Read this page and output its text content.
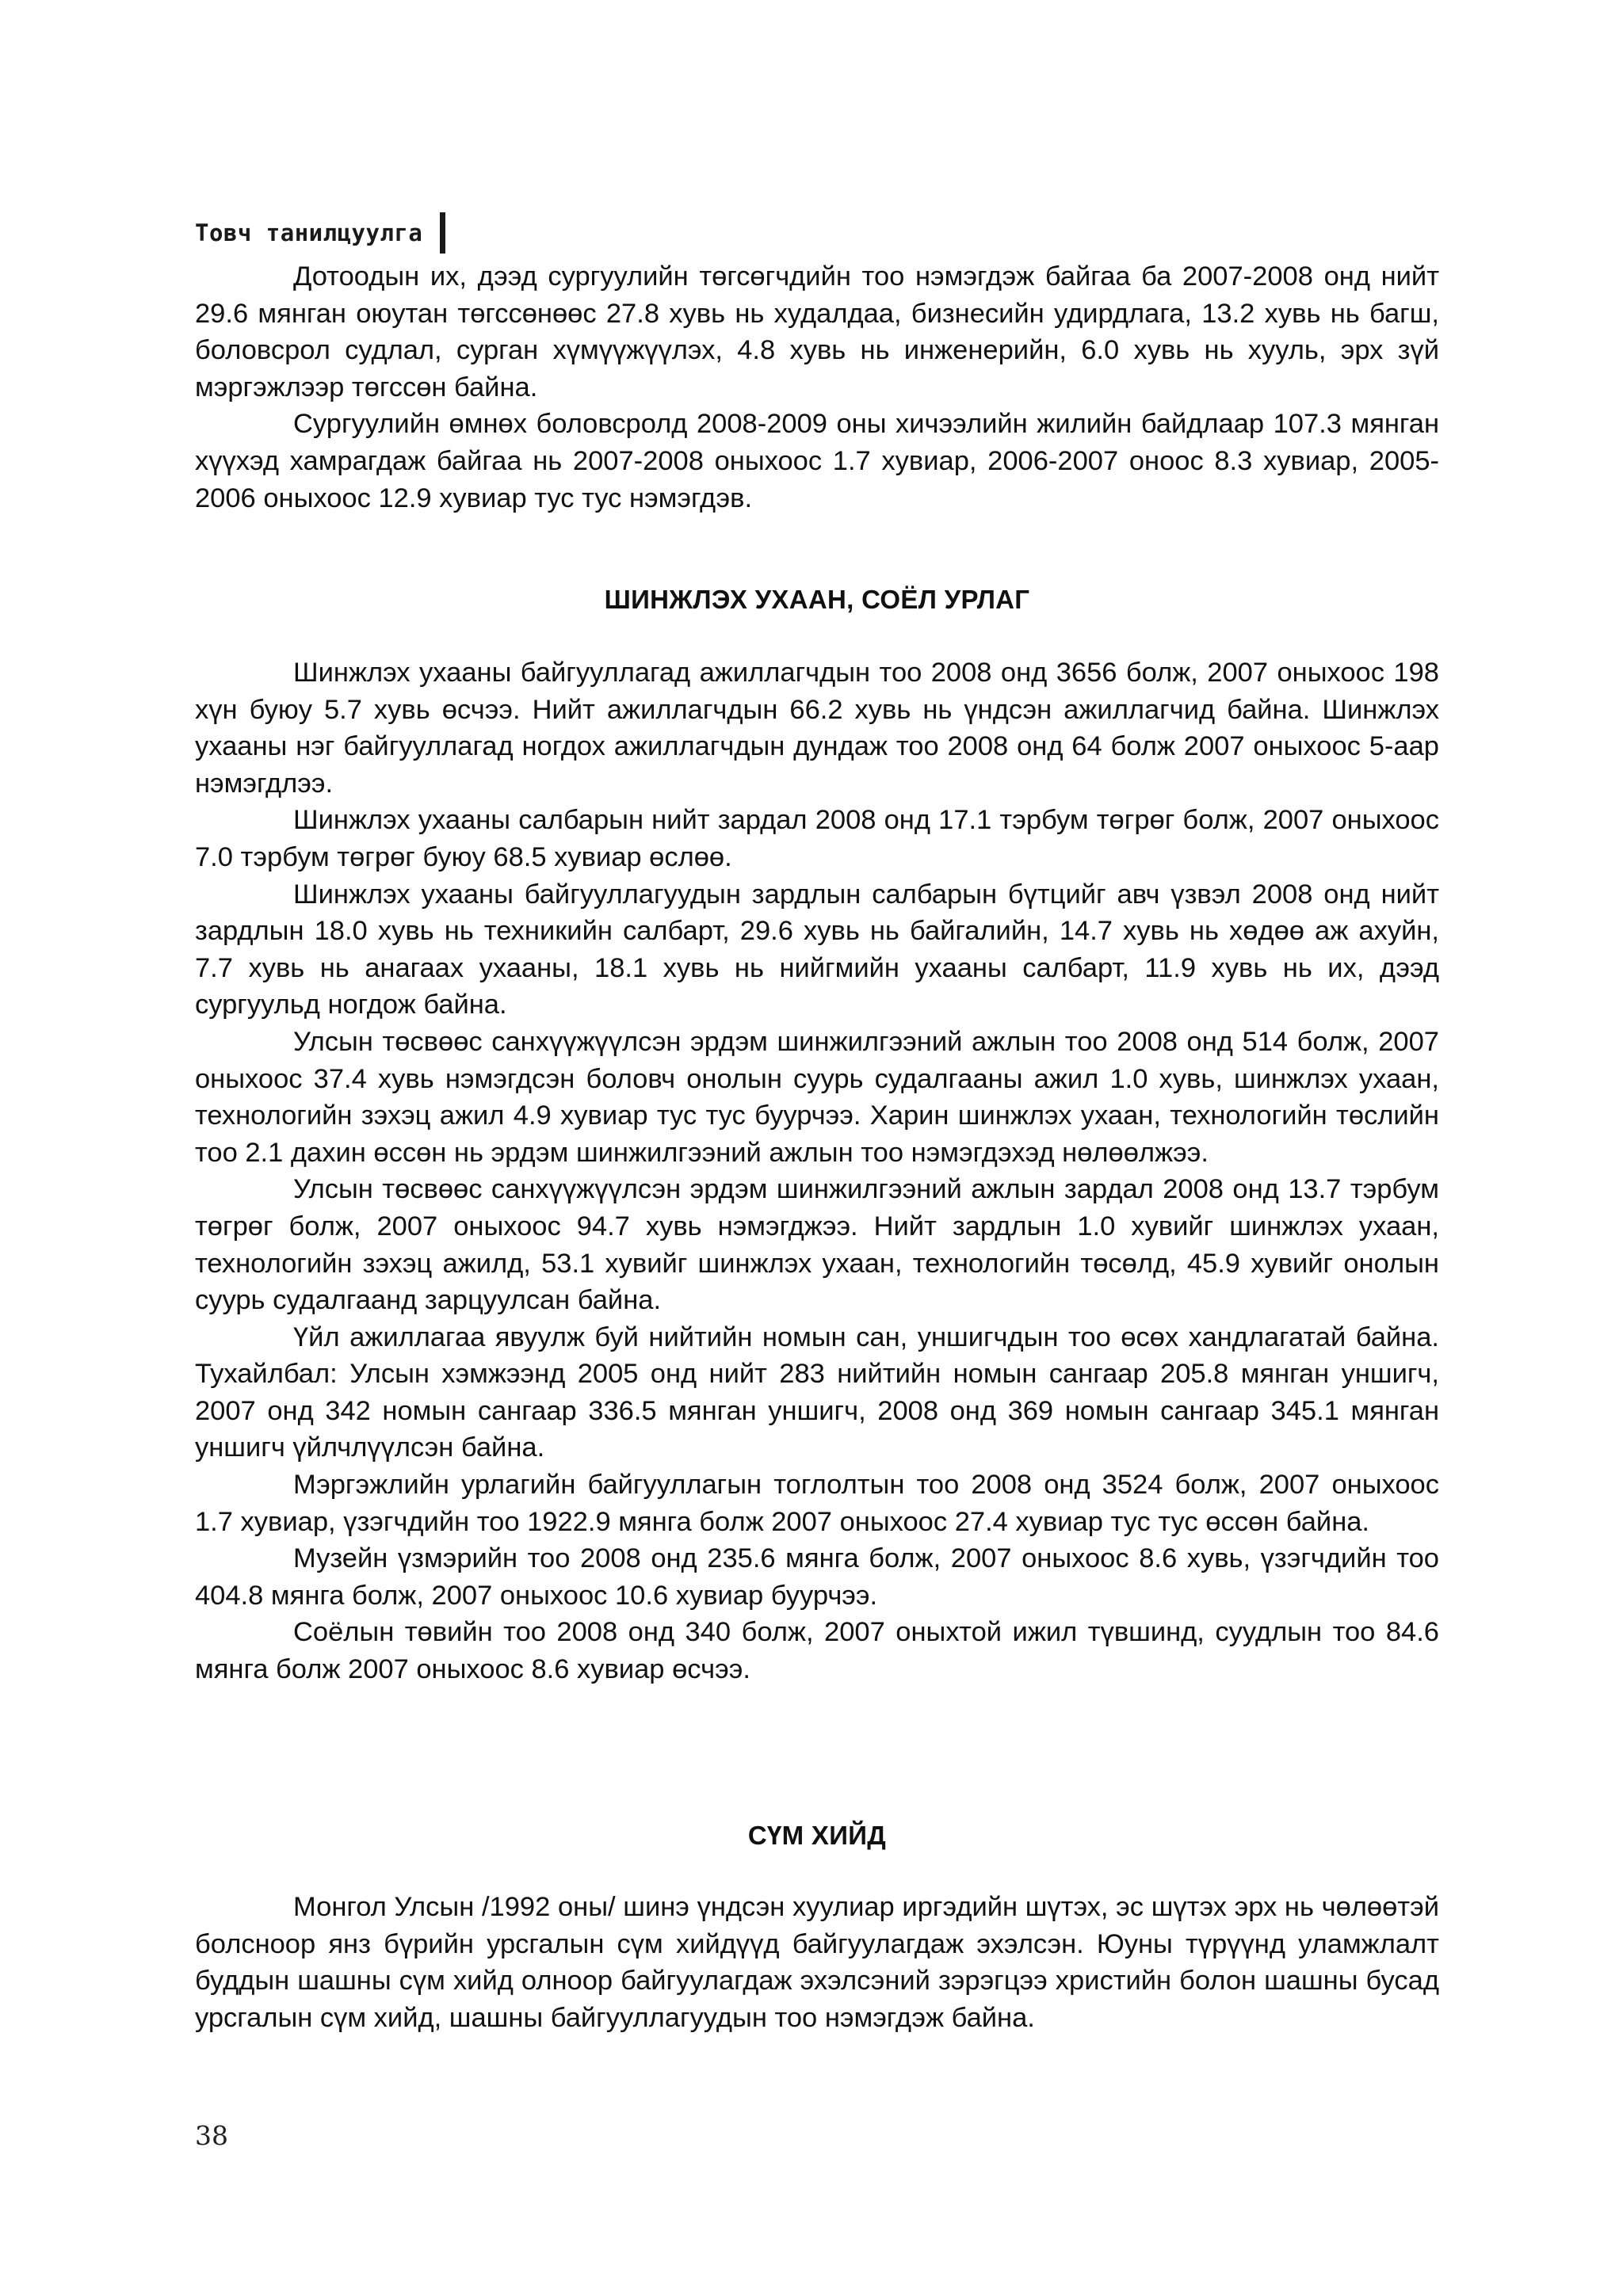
Товч танилцуулга

Дотоодын их, дээд сургуулийн төгсөгчдийн тоо нэмэгдэж байгаа ба 2007-2008 онд нийт 29.6 мянган оюутан төгссөнөөс 27.8 хувь нь худалдаа, бизнесийн удирдлага, 13.2 хувь нь багш, боловсрол судлал, сурган хүмүүжүүлэх, 4.8 хувь нь инженерийн, 6.0 хувь нь хууль, эрх зүй мэргэжлээр төгссөн байна.

Сургуулийн өмнөх боловсролд 2008-2009 оны хичээлийн жилийн байдлаар 107.3 мянган хүүхэд хамрагдаж байгаа нь 2007-2008 оныхоос 1.7 хувиар, 2006-2007 оноос 8.3 хувиар, 2005-2006 оныхоос 12.9 хувиар тус тус нэмэгдэв.

ШИНЖЛЭХ УХААН, СОЁЛ УРЛАГ

Шинжлэх ухааны байгууллагад ажиллагчдын тоо 2008 онд 3656 болж, 2007 оныхоос 198 хүн буюу 5.7 хувь өсчээ. Нийт ажиллагчдын 66.2 хувь нь үндсэн ажиллагчид байна. Шинжлэх ухааны нэг байгууллагад ногдох ажиллагчдын дундаж тоо 2008 онд 64 болж 2007 оныхоос 5-аар нэмэгдлээ.

Шинжлэх ухааны салбарын нийт зардал 2008 онд 17.1 тэрбум төгрөг болж, 2007 оныхоос 7.0 тэрбум төгрөг буюу 68.5 хувиар өслөө.

Шинжлэх ухааны байгууллагуудын зардлын салбарын бүтцийг авч үзвэл 2008 онд нийт зардлын 18.0 хувь нь техникийн салбарт, 29.6 хувь нь байгалийн, 14.7 хувь нь хөдөө аж ахуйн, 7.7 хувь нь анагаах ухааны, 18.1 хувь нь нийгмийн ухааны салбарт, 11.9 хувь нь их, дээд сургуульд ногдож байна.

Улсын төсвөөс санхүүжүүлсэн эрдэм шинжилгээний ажлын тоо 2008 онд 514 болж, 2007 оныхоос 37.4 хувь нэмэгдсэн боловч онолын суурь судалгааны ажил 1.0 хувь, шинжлэх ухаан, технологийн зэхэц ажил 4.9 хувиар тус тус буурчээ. Харин шинжлэх ухаан, технологийн төслийн тоо 2.1 дахин өссөн нь эрдэм шинжилгээний ажлын тоо нэмэгдэхэд нөлөөлжээ.

Улсын төсвөөс санхүүжүүлсэн эрдэм шинжилгээний ажлын зардал 2008 онд 13.7 тэрбум төгрөг болж, 2007 оныхоос 94.7 хувь нэмэгджээ. Нийт зардлын 1.0 хувийг шинжлэх ухаан, технологийн зэхэц ажилд, 53.1 хувийг шинжлэх ухаан, технологийн төсөлд, 45.9 хувийг онолын суурь судалгаанд зарцуулсан байна.

Үйл ажиллагаа явуулж буй нийтийн номын сан, уншигчдын тоо өсөх хандлагатай байна. Тухайлбал: Улсын хэмжээнд 2005 онд нийт 283 нийтийн номын сангаар 205.8 мянган уншигч, 2007 онд 342 номын сангаар 336.5 мянган уншигч, 2008 онд 369 номын сангаар 345.1 мянган уншигч үйлчлүүлсэн байна.

Мэргэжлийн урлагийн байгууллагын тоглолтын тоо 2008 онд 3524 болж, 2007 оныхоос 1.7 хувиар, үзэгчдийн тоо 1922.9 мянга болж 2007 оныхоос 27.4 хувиар тус тус өссөн байна.

Музейн үзмэрийн тоо 2008 онд 235.6 мянга болж, 2007 оныхоос 8.6 хувь, үзэгчдийн тоо 404.8 мянга болж, 2007 оныхоос 10.6 хувиар буурчээ.

Соёлын төвийн тоо 2008 онд 340 болж, 2007 оныхтой ижил түвшинд, суудлын тоо 84.6 мянга болж 2007 оныхоос 8.6 хувиар өсчээ.

СҮМ ХИЙД

Монгол Улсын /1992 оны/ шинэ үндсэн хуулиар иргэдийн шүтэх, эс шүтэх эрх нь чөлөөтэй болсноор янз бүрийн урсгалын сүм хийдүүд байгуулагдаж эхэлсэн. Юуны түрүүнд уламжлалт буддын шашны сүм хийд олноор байгуулагдаж эхэлсэний зэрэгцээ христийн болон шашны бусад урсгалын сүм хийд, шашны байгууллагуудын тоо нэмэгдэж байна.

38
